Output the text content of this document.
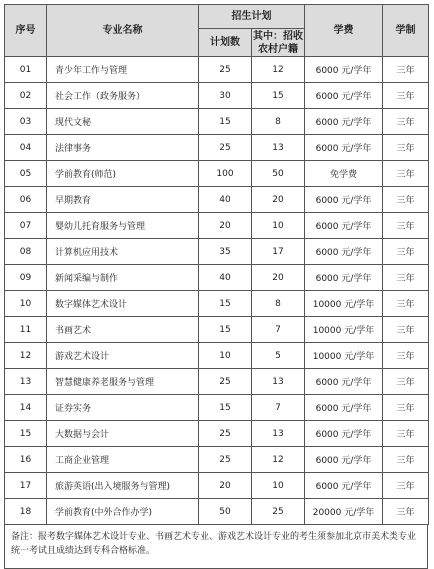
序号	专业名称	招生计划		学费	学制
		计划数	其中：招收农村户籍		
01	青少年工作与管理	25	12	6000 元/学年	三年
02	社会工作（政务服务）	30	15	6000 元/学年	三年
03	现代文秘	15	8	6000 元/学年	三年
04	法律事务	25	13	6000 元/学年	三年
05	学前教育(师范)	100	50	免学费	三年
06	早期教育	40	20	6000 元/学年	三年
07	婴幼儿托育服务与管理	20	10	6000 元/学年	三年
08	计算机应用技术	35	17	6000 元/学年	三年
09	新闻采编与制作	40	20	6000 元/学年	三年
10	数字媒体艺术设计	15	8	10000 元/学年	三年
11	书画艺术	15	7	10000 元/学年	三年
12	游戏艺术设计	10	5	10000 元/学年	三年
13	智慧健康养老服务与管理	25	13	6000 元/学年	三年
14	证券实务	15	7	6000 元/学年	三年
15	大数据与会计	25	13	6000 元/学年	三年
16	工商企业管理	25	12	6000 元/学年	三年
17	旅游英语(出入境服务与管理)	20	10	6000 元/学年	三年
18	学前教育(中外合作办学)	50	25	20000 元/学年	三年
备注：报考数字媒体艺术设计专业、书画艺术专业、游戏艺术设计专业的考生须参加北京市美术类专业统一考试且成绩达到专科合格标准。
